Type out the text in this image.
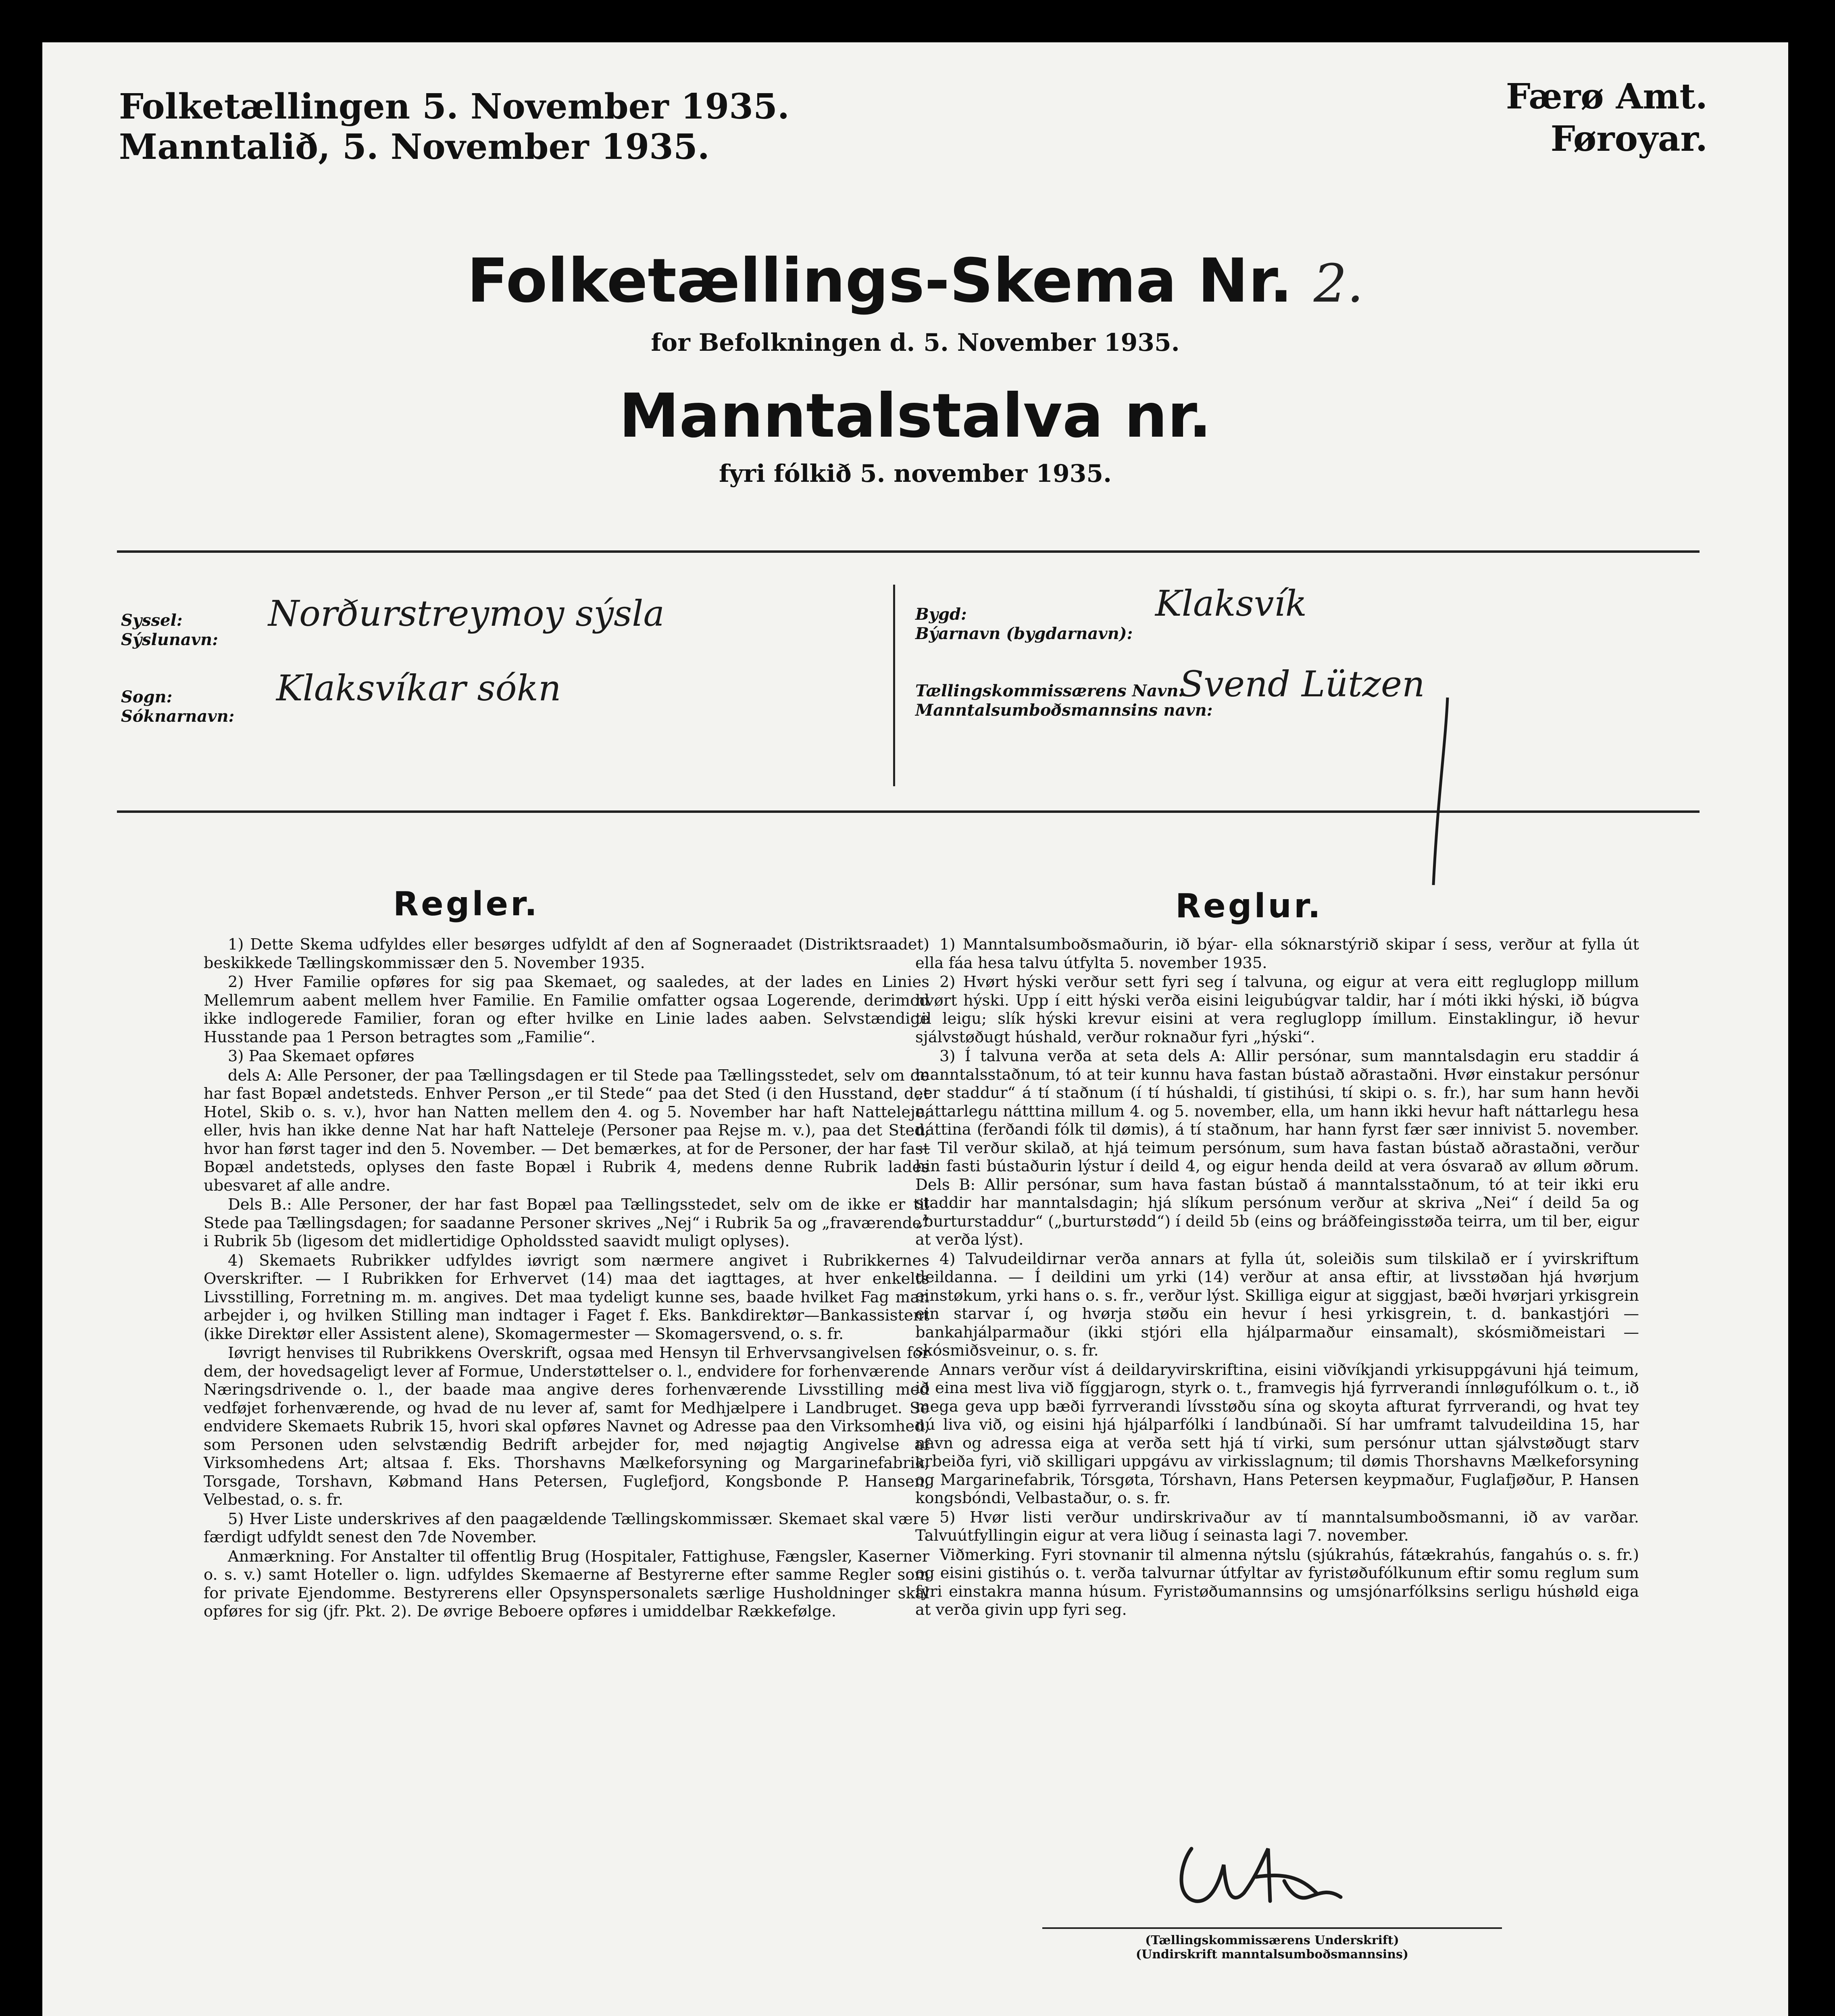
Folketællingen 5. November 1935.
Manntalið, 5. November 1935.
Færø Amt.
Føroyar.
Folketællings-Skema Nr. 2.
for Befolkningen d. 5. November 1935.
Manntalstalva nr.
fyri fólkið 5. november 1935.
Syssel:
Sýslunavn:
Norðurstreymoy sýsla
Sogn:
Sóknarnavn:
Klaksvíkar sókn
Bygd:
Býarnavn (bygdarnavn):
Klaksvík
Tællingskommissærens Navn:
Manntalsumboðsmannsins navn:
Svend Lützen
Regler.

1) Dette Skema udfyldes eller besørges udfyldt af den af Sogneraadet (Distriktsraadet) beskikkede Tællingskommissær den 5. November 1935.

2) Hver Familie opføres for sig paa Skemaet, og saaledes, at der lades en Linies Mellemrum aabent mellem hver Familie. En Familie omfatter ogsaa Logerende, derimod ikke indlogerede Familier, foran og efter hvilke en Linie lades aaben. Selvstændige Husstande paa 1 Person betragtes som „Familie“.

3) Paa Skemaet opføres

dels A: Alle Personer, der paa Tællingsdagen er til Stede paa Tællingsstedet, selv om de har fast Bopæl andetsteds. Enhver Person „er til Stede“ paa det Sted (i den Husstand, det Hotel, Skib o. s. v.), hvor han Natten mellem den 4. og 5. November har haft Natteleje, eller, hvis han ikke denne Nat har haft Natteleje (Personer paa Rejse m. v.), paa det Sted, hvor han først tager ind den 5. November. — Det bemærkes, at for de Personer, der har fast Bopæl andetsteds, oplyses den faste Bopæl i Rubrik 4, medens denne Rubrik lades ubesvaret af alle andre.

Dels B.: Alle Personer, der har fast Bopæl paa Tællingsstedet, selv om de ikke er til Stede paa Tællingsdagen; for saadanne Personer skrives „Nej“ i Rubrik 5a og „fraværende“ i Rubrik 5b (ligesom det midlertidige Opholdssted saavidt muligt oplyses).

4) Skemaets Rubrikker udfyldes iøvrigt som nærmere angivet i Rubrikkernes Overskrifter. — I Rubrikken for Erhvervet (14) maa det iagttages, at hver enkelts Livsstilling, Forretning m. m. angives. Det maa tydeligt kunne ses, baade hvilket Fag man arbejder i, og hvilken Stilling man indtager i Faget f. Eks. Bankdirektør—Bankassistent (ikke Direktør eller Assistent alene), Skomagermester — Skomagersvend, o. s. fr.

Iøvrigt henvises til Rubrikkens Overskrift, ogsaa med Hensyn til Erhvervsangivelsen for dem, der hovedsageligt lever af Formue, Understøttelser o. l., endvidere for forhenværende Næringsdrivende o. l., der baade maa angive deres forhenværende Livsstilling med vedføjet forhenværende, og hvad de nu lever af, samt for Medhjælpere i Landbruget. Se endvidere Skemaets Rubrik 15, hvori skal opføres Navnet og Adresse paa den Virksomhed, som Personen uden selvstændig Bedrift arbejder for, med nøjagtig Angivelse af Virksomhedens Art; altsaa f. Eks. Thorshavns Mælkeforsyning og Margarinefabrik, Torsgade, Torshavn, Købmand Hans Petersen, Fuglefjord, Kongsbonde P. Hansen, Velbestad, o. s. fr.

5) Hver Liste underskrives af den paagældende Tællingskommissær. Skemaet skal være færdigt udfyldt senest den 7de November.

Anmærkning. For Anstalter til offentlig Brug (Hospitaler, Fattighuse, Fængsler, Kaserner o. s. v.) samt Hoteller o. lign. udfyldes Skemaerne af Bestyrerne efter samme Regler som for private Ejendomme. Bestyrerens eller Opsynspersonalets særlige Husholdninger skal opføres for sig (jfr. Pkt. 2). De øvrige Beboere opføres i umiddelbar Rækkefølge.

Reglur.

1) Manntalsumboðsmaðurin, ið býar- ella sóknarstýrið skipar í sess, verður at fylla út ella fáa hesa talvu útfylta 5. november 1935.

2) Hvørt hýski verður sett fyri seg í talvuna, og eigur at vera eitt regluglopp millum hvørt hýski. Upp í eitt hýski verða eisini leigubúgvar taldir, har í móti ikki hýski, ið búgva til leigu; slík hýski krevur eisini at vera regluglopp ímillum. Einstaklingur, ið hevur sjálvstøðugt húshald, verður roknaður fyri „hýski“.

3) Í talvuna verða at seta dels A: Allir persónar, sum manntalsdagin eru staddir á manntalsstaðnum, tó at teir kunnu hava fastan bústað aðrastaðni. Hvør einstakur persónur „er staddur“ á tí staðnum (í tí húshaldi, tí gistihúsi, tí skipi o. s. fr.), har sum hann hevði náttarlegu nátttina millum 4. og 5. november, ella, um hann ikki hevur haft náttarlegu hesa náttina (ferðandi fólk til dømis), á tí staðnum, har hann fyrst fær sær innivist 5. november. — Til verður skilað, at hjá teimum persónum, sum hava fastan bústað aðrastaðni, verður hin fasti bústaðurin lýstur í deild 4, og eigur henda deild at vera ósvarað av øllum øðrum. Dels B: Allir persónar, sum hava fastan bústað á manntalsstaðnum, tó at teir ikki eru staddir har manntalsdagin; hjá slíkum persónum verður at skriva „Nei“ í deild 5a og „burturstaddur“ („burturstødd“) í deild 5b (eins og bráðfeingisstøða teirra, um til ber, eigur at verða lýst).

4) Talvudeildirnar verða annars at fylla út, soleiðis sum tilskilað er í yvirskriftum deildanna. — Í deildini um yrki (14) verður at ansa eftir, at livsstøðan hjá hvørjum einstøkum, yrki hans o. s. fr., verður lýst. Skilliga eigur at siggjast, bæði hvørjari yrkisgrein ein starvar í, og hvørja støðu ein hevur í hesi yrkisgrein, t. d. bankastjóri — bankahjálparmaður (ikki stjóri ella hjálparmaður einsamalt), skósmiðmeistari — skósmiðsveinur, o. s. fr.

Annars verður víst á deildaryvirskriftina, eisini viðvíkjandi yrkisuppgávuni hjá teimum, ið eina mest liva við fíggjarogn, styrk o. t., framvegis hjá fyrrverandi ínnløgufólkum o. t., ið mega geva upp bæði fyrrverandi lívsstøðu sína og skoyta afturat fyrrverandi, og hvat tey nú liva við, og eisini hjá hjálparfólki í landbúnaði. Sí har umframt talvudeildina 15, har navn og adressa eiga at verða sett hjá tí virki, sum persónur uttan sjálvstøðugt starv arbeiða fyri, við skilligari uppgávu av virkisslagnum; til dømis Thorshavns Mælkeforsyning og Margarinefabrik, Tórsgøta, Tórshavn, Hans Petersen keypmaður, Fuglafjøður, P. Hansen kongsbóndi, Velbastaður, o. s. fr.

5) Hvør listi verður undirskrivaður av tí manntalsumboðsmanni, ið av varðar. Talvuútfyllingin eigur at vera liðug í seinasta lagi 7. november.

Viðmerking. Fyri stovnanir til almenna nýtslu (sjúkrahús, fátækrahús, fangahús o. s. fr.) og eisini gistihús o. t. verða talvurnar útfyltar av fyristøðufólkunum eftir somu reglum sum fyri einstakra manna húsum. Fyristøðumannsins og umsjónarfólksins serligu húshøld eiga at verða givin upp fyri seg.

(Tællingskommissærens Underskrift)
(Undirskrift manntalsumboðsmannsins)
